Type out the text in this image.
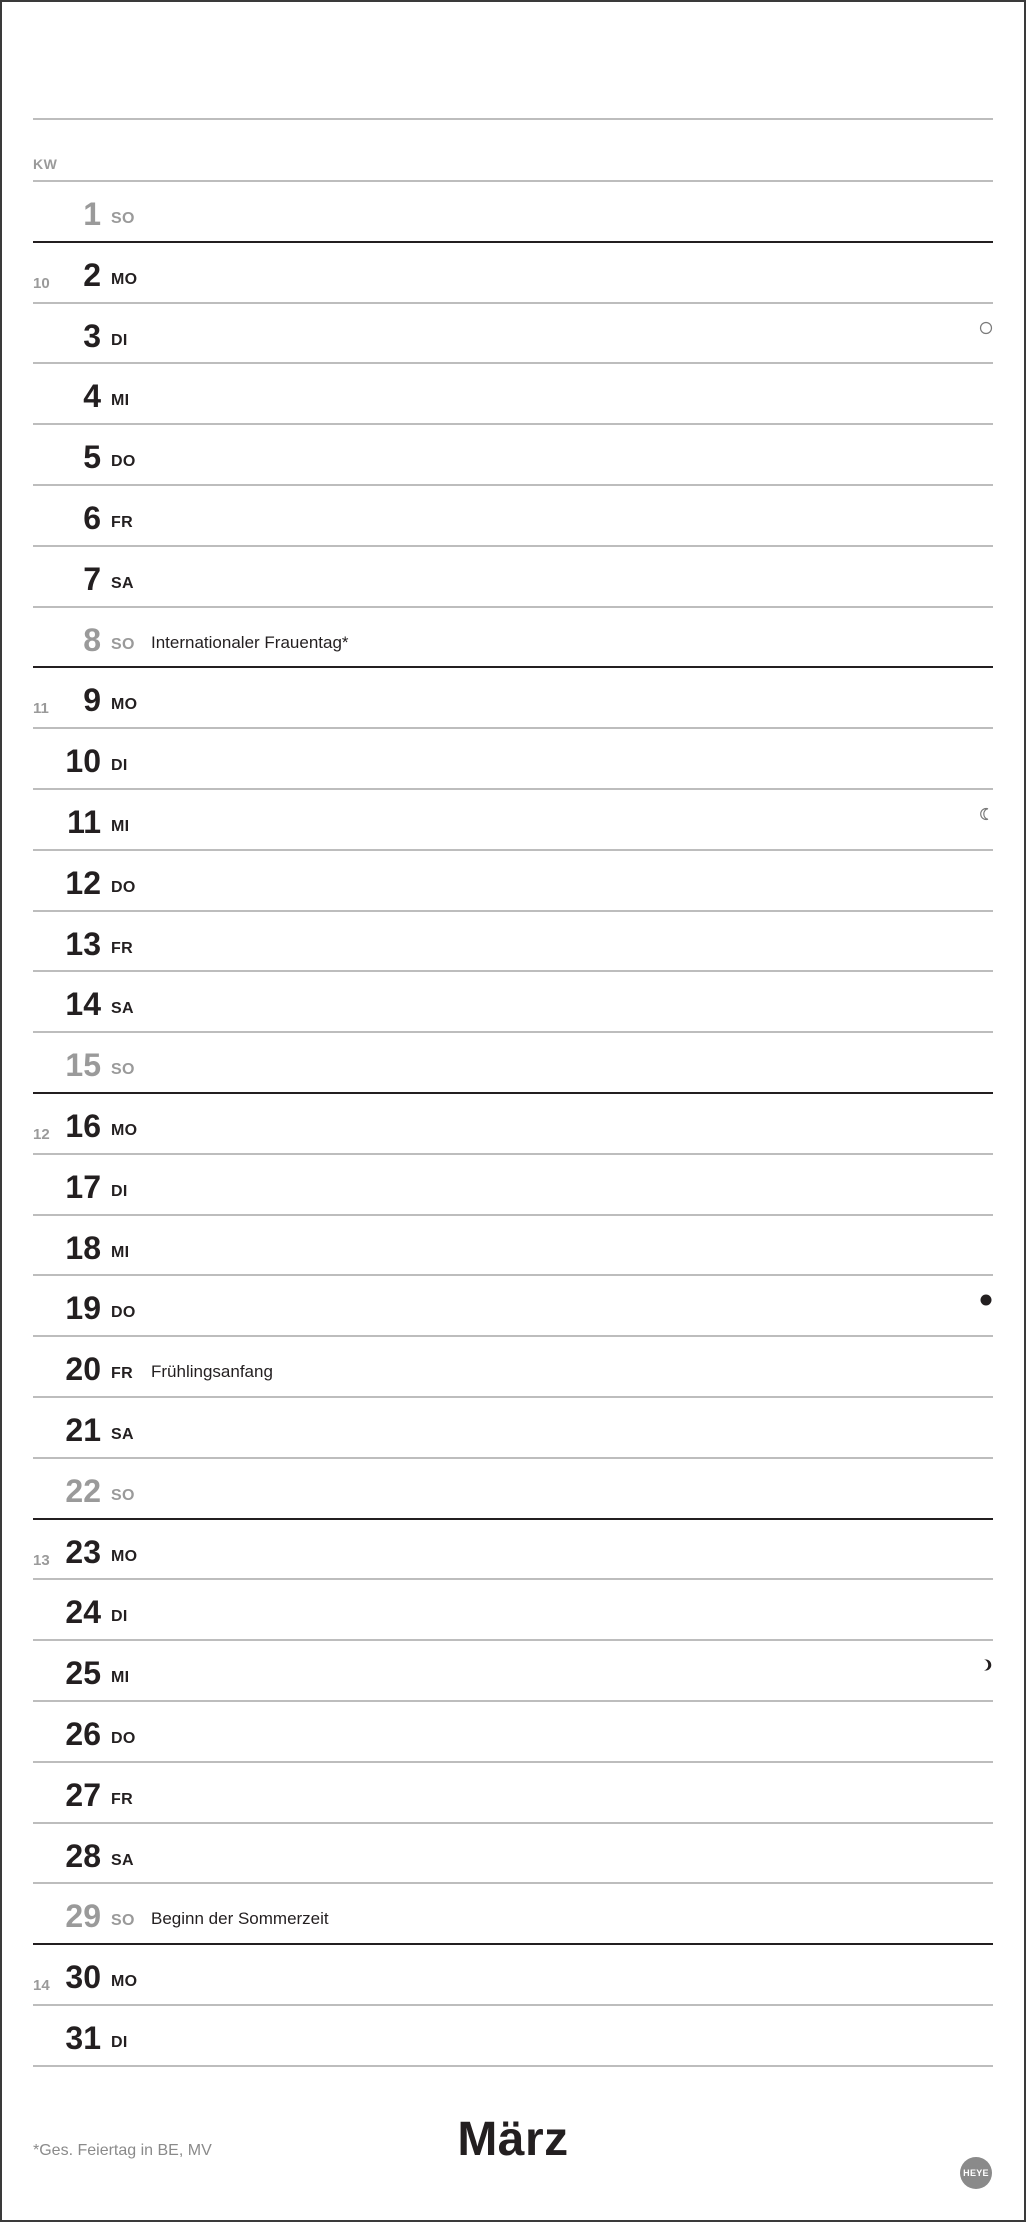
KW
1 SO
10 2 MO
3 DI
4 MI
5 DO
6 FR
7 SA
8 SO Internationaler Frauentag*
11 9 MO
10 DI
11 MI
12 DO
13 FR
14 SA
15 SO
12 16 MO
17 DI
18 MI
19 DO
20 FR Frühlingsanfang
21 SA
22 SO
13 23 MO
24 DI
25 MI
26 DO
27 FR
28 SA
29 SO Beginn der Sommerzeit
14 30 MO
31 DI
*Ges. Feiertag in BE, MV	März
HEYE
